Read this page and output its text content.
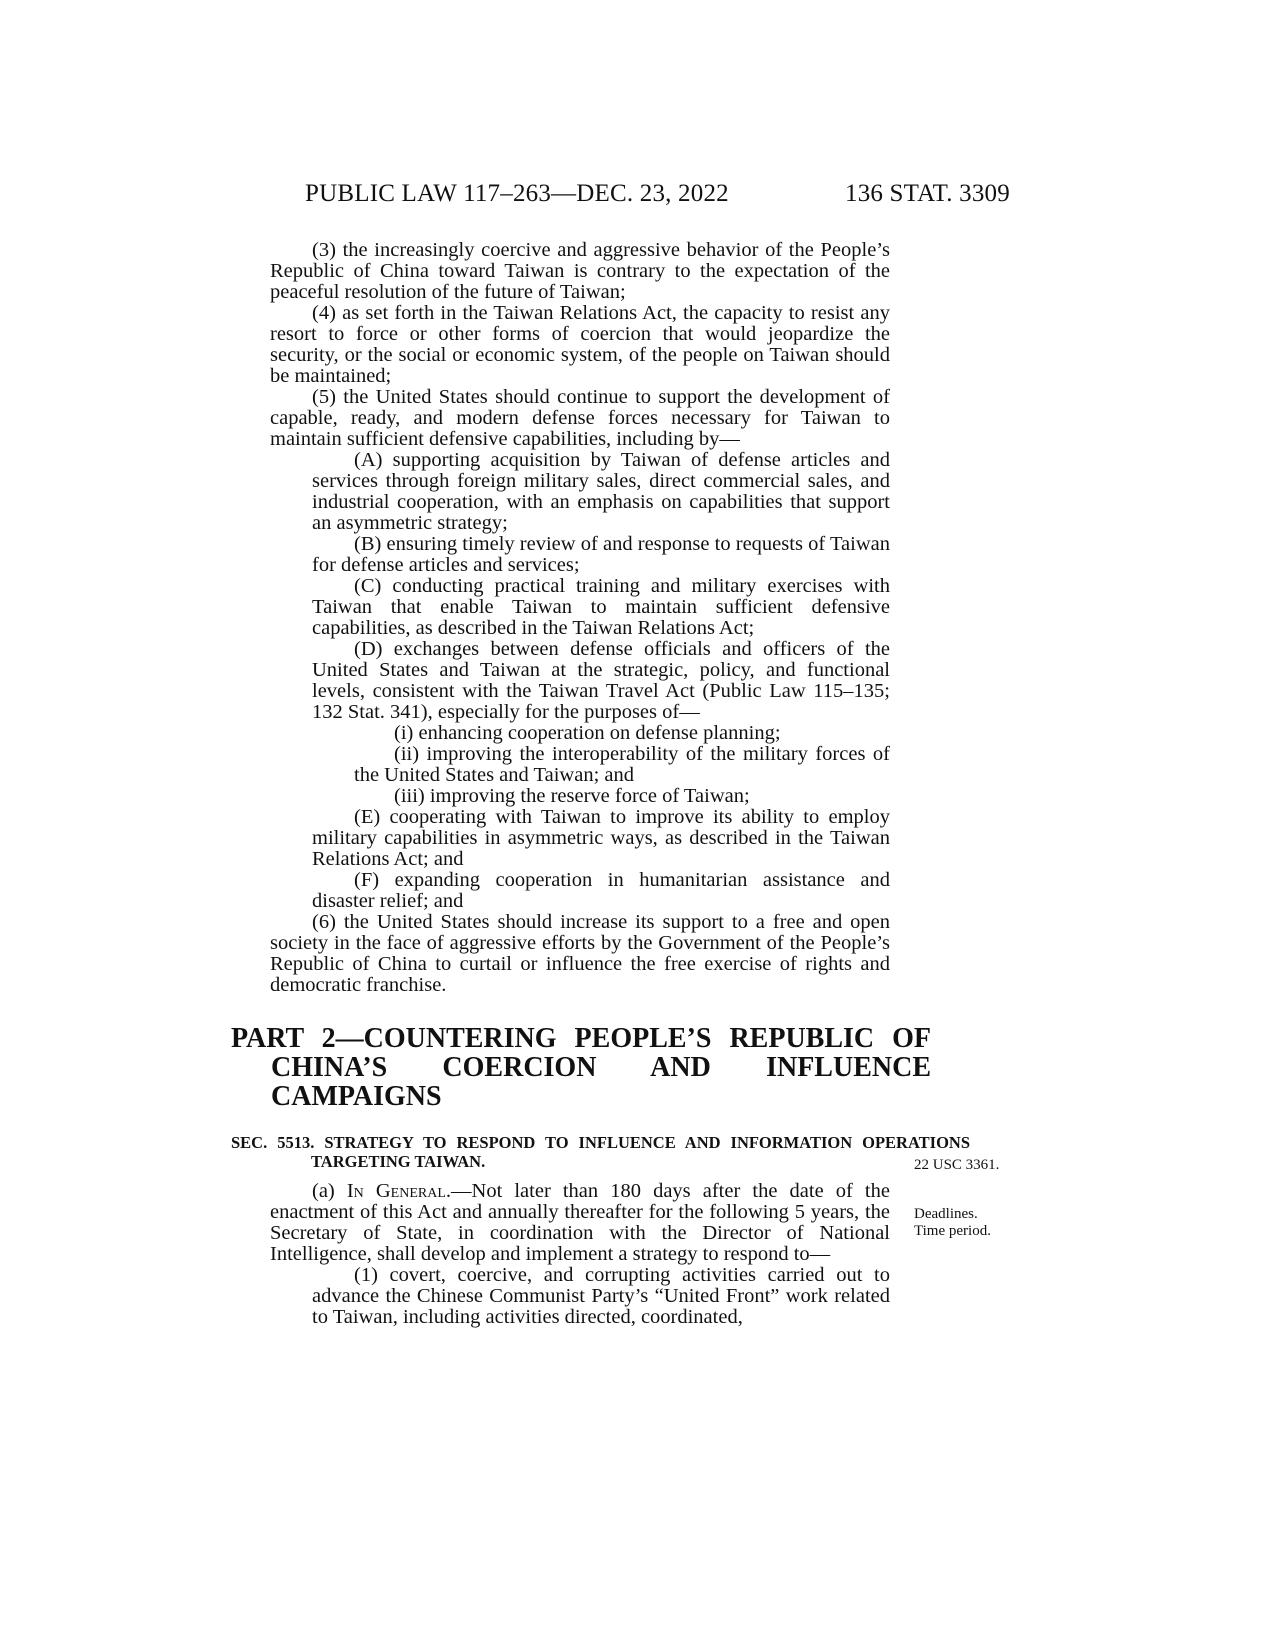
PUBLIC LAW 117–263—DEC. 23, 2022	136 STAT. 3309
(3) the increasingly coercive and aggressive behavior of the People’s Republic of China toward Taiwan is contrary to the expectation of the peaceful resolution of the future of Taiwan;
(4) as set forth in the Taiwan Relations Act, the capacity to resist any resort to force or other forms of coercion that would jeopardize the security, or the social or economic system, of the people on Taiwan should be maintained;
(5) the United States should continue to support the development of capable, ready, and modern defense forces necessary for Taiwan to maintain sufficient defensive capabilities, including by—
(A) supporting acquisition by Taiwan of defense articles and services through foreign military sales, direct commercial sales, and industrial cooperation, with an emphasis on capabilities that support an asymmetric strategy;
(B) ensuring timely review of and response to requests of Taiwan for defense articles and services;
(C) conducting practical training and military exercises with Taiwan that enable Taiwan to maintain sufficient defensive capabilities, as described in the Taiwan Relations Act;
(D) exchanges between defense officials and officers of the United States and Taiwan at the strategic, policy, and functional levels, consistent with the Taiwan Travel Act (Public Law 115–135; 132 Stat. 341), especially for the purposes of—
(i) enhancing cooperation on defense planning;
(ii) improving the interoperability of the military forces of the United States and Taiwan; and
(iii) improving the reserve force of Taiwan;
(E) cooperating with Taiwan to improve its ability to employ military capabilities in asymmetric ways, as described in the Taiwan Relations Act; and
(F) expanding cooperation in humanitarian assistance and disaster relief; and
(6) the United States should increase its support to a free and open society in the face of aggressive efforts by the Government of the People’s Republic of China to curtail or influence the free exercise of rights and democratic franchise.
PART 2—COUNTERING PEOPLE’S REPUBLIC OF CHINA’S COERCION AND INFLUENCE CAMPAIGNS
SEC. 5513. STRATEGY TO RESPOND TO INFLUENCE AND INFORMATION OPERATIONS TARGETING TAIWAN.
(a) In General.—Not later than 180 days after the date of the enactment of this Act and annually thereafter for the following 5 years, the Secretary of State, in coordination with the Director of National Intelligence, shall develop and implement a strategy to respond to—
(1) covert, coercive, and corrupting activities carried out to advance the Chinese Communist Party’s “United Front” work related to Taiwan, including activities directed, coordinated,
22 USC 3361.
Deadlines.
Time period.
